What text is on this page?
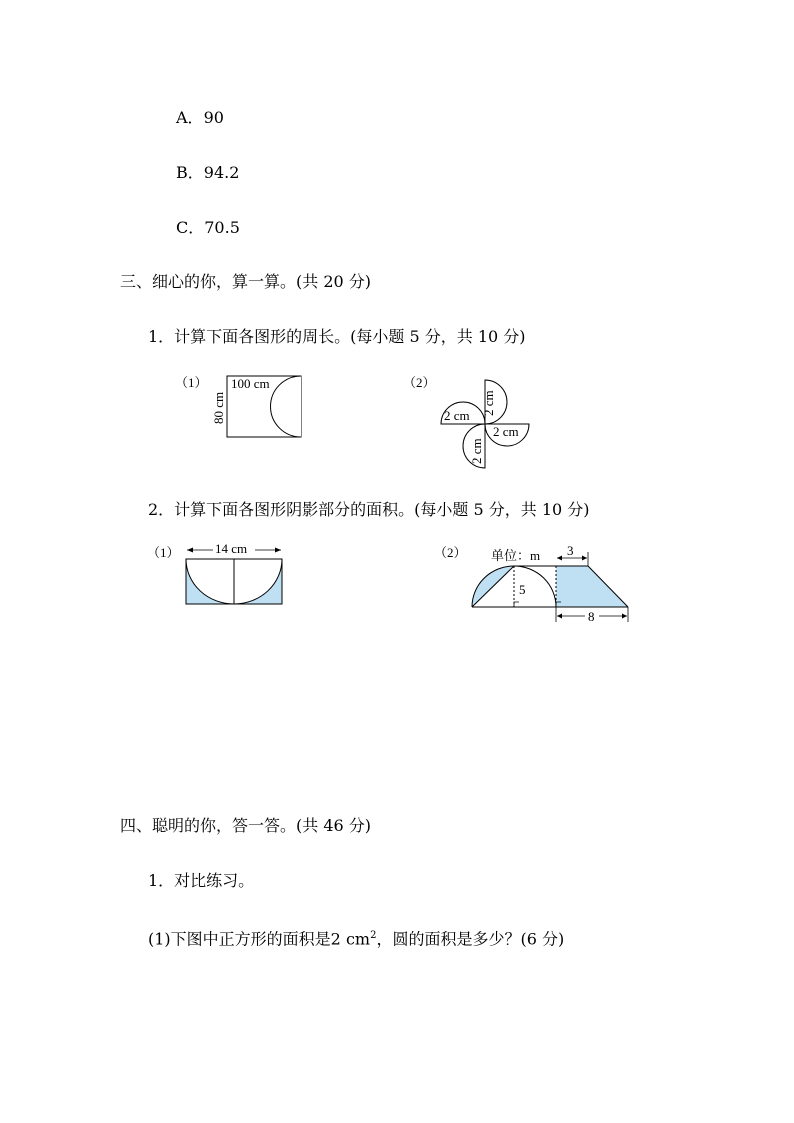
A．90
B．94.2
C．70.5
三、细心的你，算一算。(共 20 分)
1．计算下面各图形的周长。(每小题 5 分，共 10 分)
（1） 100 cm
80 cm
（2）
2 cm 2 cm
2 cm
2 cm
2．计算下面各图形阴影部分的面积。(每小题 5 分，共 10 分)
（1）	14 cm	（2） 单位：m 3
5
8
四、聪明的你，答一答。(共 46 分)
1．对比练习。
(1)下图中正方形的面积是2 $cm^2$，圆的面积是多少？(6 分)
